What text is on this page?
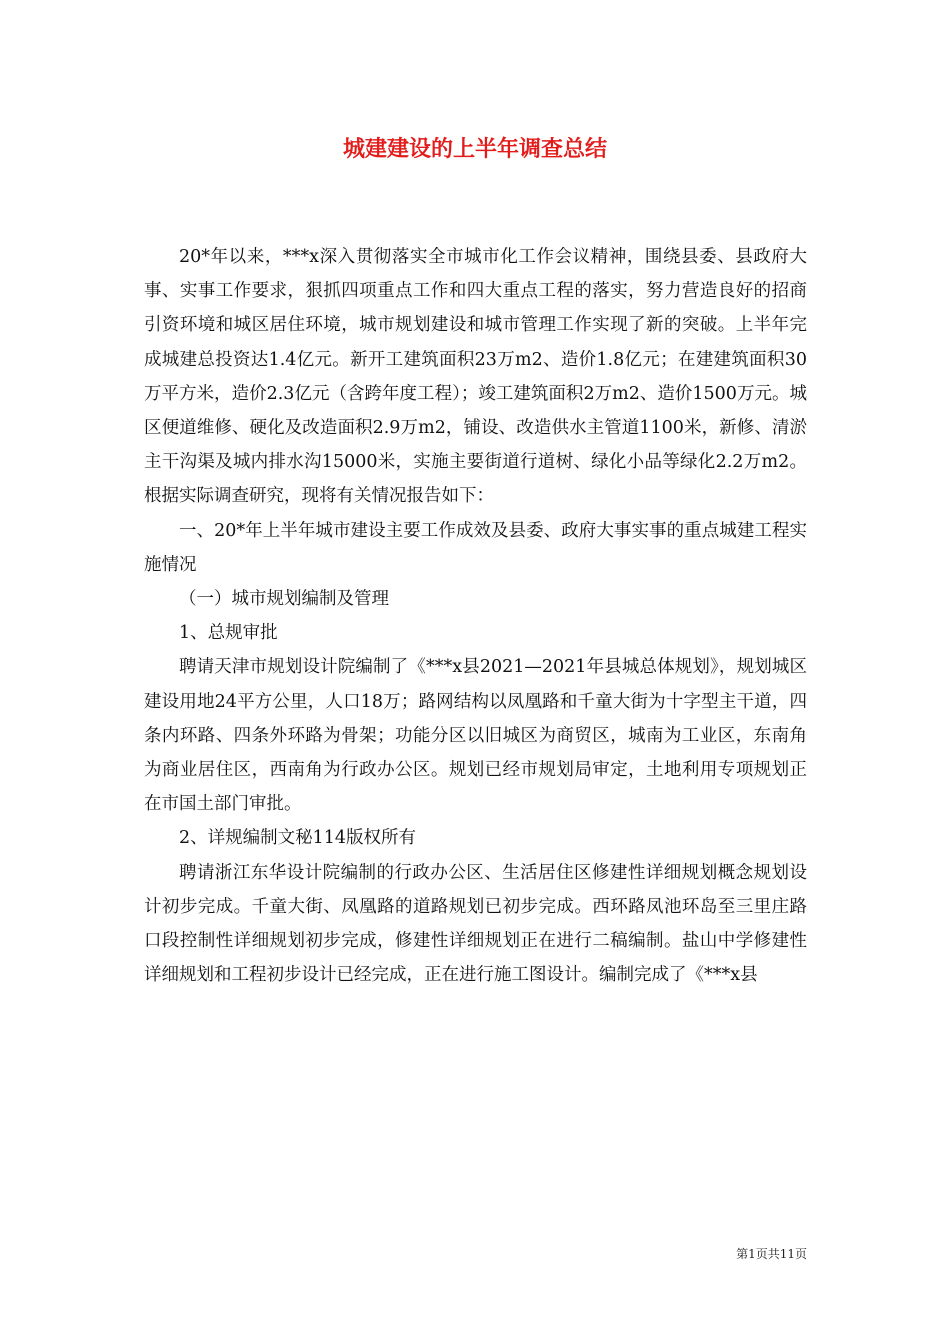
城建建设的上半年调查总结

20*年以来，***x深入贯彻落实全市城市化工作会议精神，围绕县委、县政府大事、实事工作要求，狠抓四项重点工作和四大重点工程的落实，努力营造良好的招商引资环境和城区居住环境，城市规划建设和城市管理工作实现了新的突破。上半年完成城建总投资达1.4亿元。新开工建筑面积23万m2、造价1.8亿元；在建建筑面积30万平方米，造价2.3亿元（含跨年度工程）；竣工建筑面积2万m2、造价1500万元。城区便道维修、硬化及改造面积2.9万m2，铺设、改造供水主管道1100米，新修、清淤主干沟渠及城内排水沟15000米，实施主要街道行道树、绿化小品等绿化2.2万m2。根据实际调查研究，现将有关情况报告如下：

一、20*年上半年城市建设主要工作成效及县委、政府大事实事的重点城建工程实施情况

（一）城市规划编制及管理

1、总规审批

聘请天津市规划设计院编制了《***x县2021—2021年县城总体规划》，规划城区建设用地24平方公里，人口18万；路网结构以凤凰路和千童大街为十字型主干道，四条内环路、四条外环路为骨架；功能分区以旧城区为商贸区，城南为工业区，东南角为商业居住区，西南角为行政办公区。规划已经市规划局审定，土地利用专项规划正在市国土部门审批。

2、详规编制文秘114版权所有

聘请浙江东华设计院编制的行政办公区、生活居住区修建性详细规划概念规划设计初步完成。千童大街、凤凰路的道路规划已初步完成。西环路凤池环岛至三里庄路口段控制性详细规划初步完成，修建性详细规划正在进行二稿编制。盐山中学修建性详细规划和工程初步设计已经完成，正在进行施工图设计。编制完成了《***x县

第1页共11页
